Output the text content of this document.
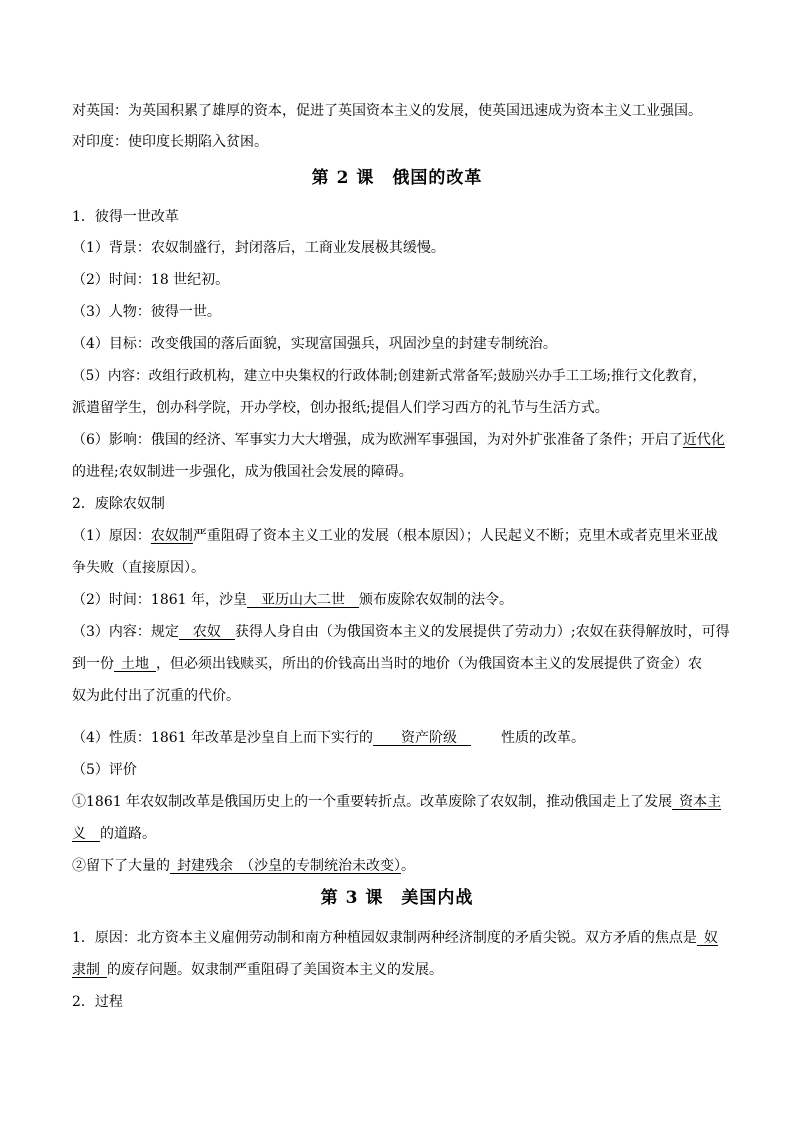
对英国：为英国积累了雄厚的资本，促进了英国资本主义的发展，使英国迅速成为资本主义工业强国。
对印度：使印度长期陷入贫困。
第 2 课　俄国的改革
1．彼得一世改革
（1）背景：农奴制盛行，封闭落后，工商业发展极其缓慢。
（2）时间：18 世纪初。
（3）人物：彼得一世。
（4）目标：改变俄国的落后面貌，实现富国强兵，巩固沙皇的封建专制统治。
（5）内容：改组行政机构，建立中央集权的行政体制;创建新式常备军;鼓励兴办手工工场;推行文化教育，
派遣留学生，创办科学院，开办学校，创办报纸;提倡人们学习西方的礼节与生活方式。
（6）影响：俄国的经济、军事实力大大增强，成为欧洲军事强国，为对外扩张准备了条件；开启了近代化
的进程;农奴制进一步强化，成为俄国社会发展的障碍。
2．废除农奴制
（1）原因：农奴制严重阻碍了资本主义工业的发展（根本原因）；人民起义不断；克里木或者克里米亚战
争失败（直接原因）。
（2）时间：1861 年，沙皇　 亚历山大二世　 颁布废除农奴制的法令。
（3）内容：规定　 农奴　 获得人身自由（为俄国资本主义的发展提供了劳动力）;农奴在获得解放时，可得
到一份  土地  ，但必须出钱赎买，所出的价钱高出当时的地价（为俄国资本主义的发展提供了资金）农
奴为此付出了沉重的代价。
（4）性质：1861 年改革是沙皇自上而下实行的　　 资产阶级　	性质的改革。
（5）评价
①1861 年农奴制改革是俄国历史上的一个重要转折点。改革废除了农奴制，推动俄国走上了发展  资本主
义　 的道路。
②留下了大量的  封建残余　（沙皇的专制统治未改变）。
第 3 课　美国内战
1．原因：北方资本主义雇佣劳动制和南方种植园奴隶制两种经济制度的矛盾尖锐。双方矛盾的焦点是  奴
隶制  的废存问题。奴隶制严重阻碍了美国资本主义的发展。
2．过程
